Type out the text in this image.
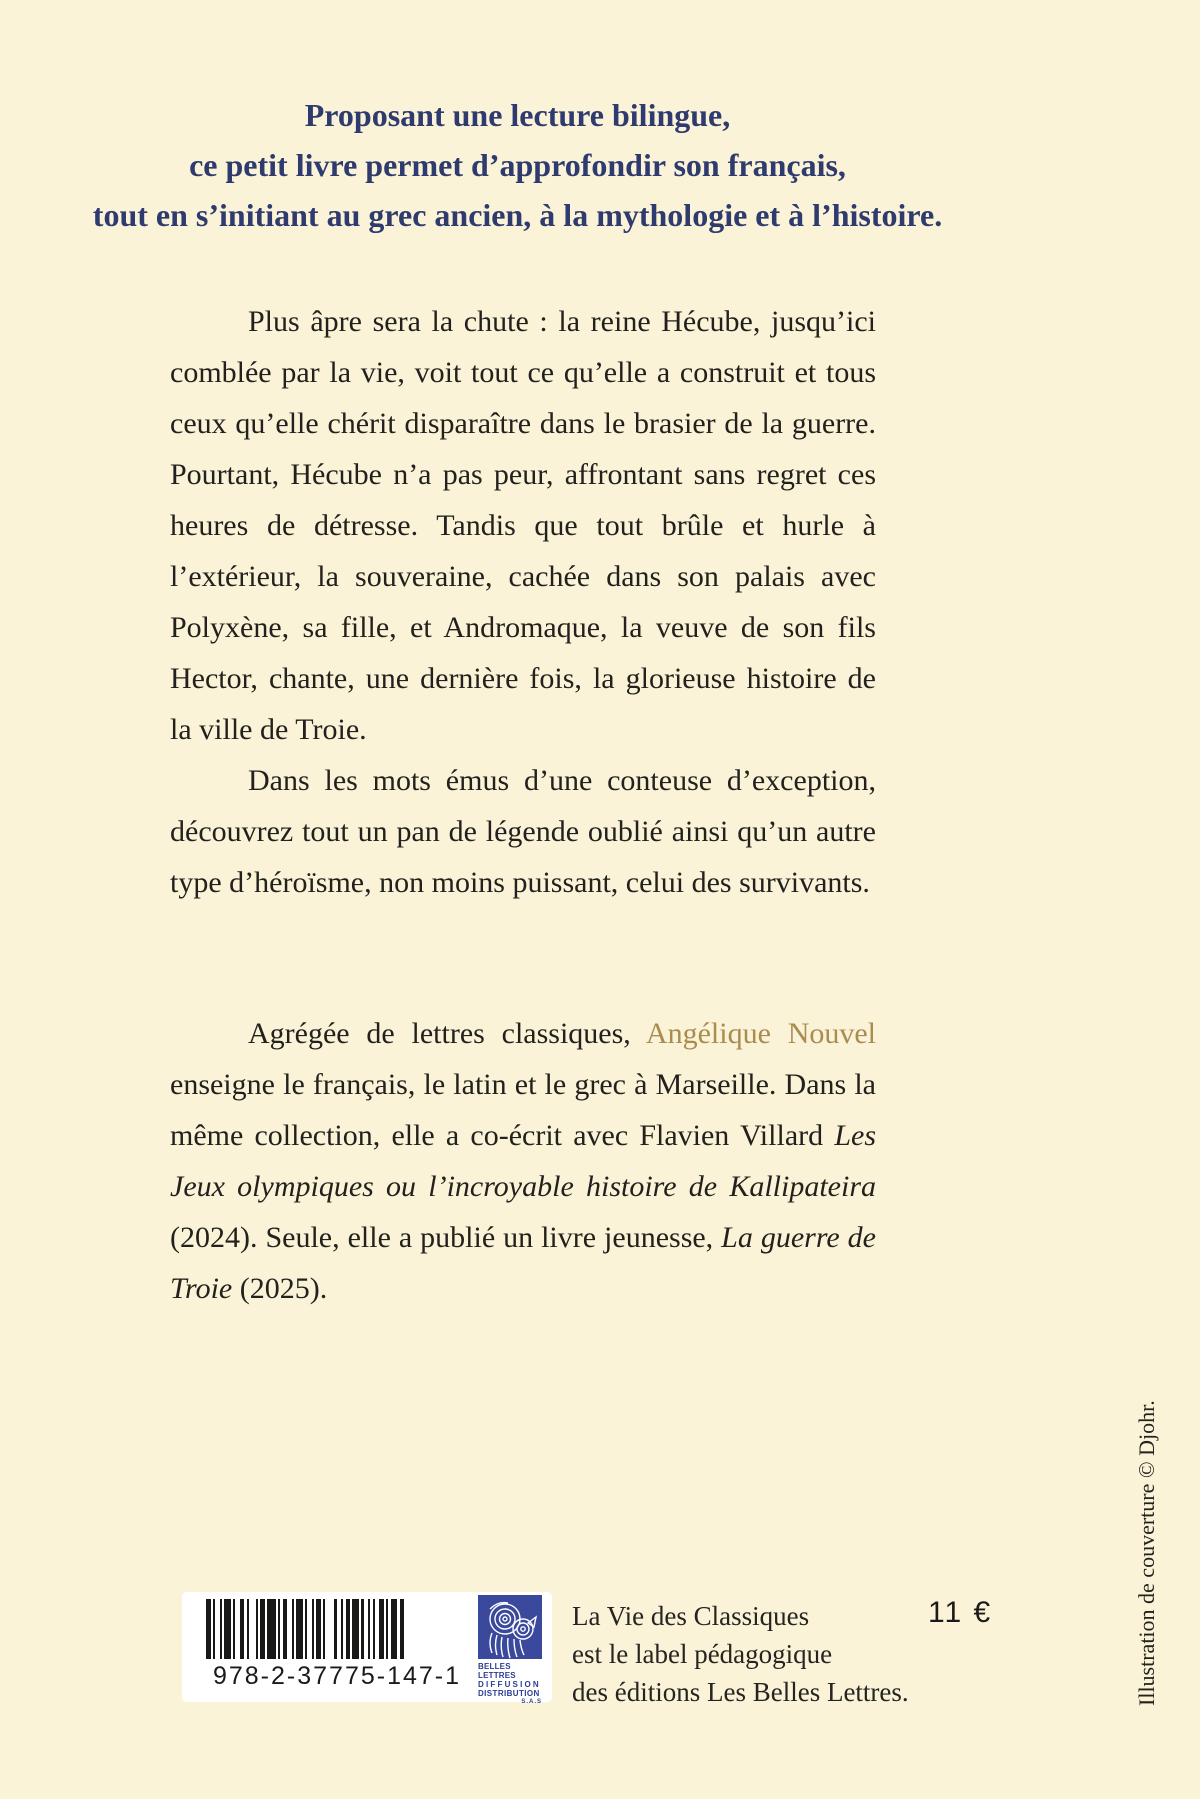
Proposant une lecture bilingue,
ce petit livre permet d’approfondir son français,
tout en s’initiant au grec ancien, à la mythologie et à l’histoire.

Plus âpre sera la chute : la reine Hécube, jusqu’ici comblée par la vie, voit tout ce qu’elle a construit et tous ceux qu’elle chérit disparaître dans le brasier de la guerre. Pourtant, Hécube n’a pas peur, affrontant sans regret ces heures de détresse. Tandis que tout brûle et hurle à l’extérieur, la souveraine, cachée dans son palais avec Polyxène, sa fille, et Andromaque, la veuve de son fils Hector, chante, une dernière fois, la glorieuse histoire de la ville de Troie.

Dans les mots émus d’une conteuse d’exception, découvrez tout un pan de légende oublié ainsi qu’un autre type d’héroïsme, non moins puissant, celui des survivants.

Agrégée de lettres classiques, Angélique Nouvel enseigne le français, le latin et le grec à Marseille. Dans la même collection, elle a co-écrit avec Flavien Villard Les Jeux olympiques ou l’incroyable histoire de Kallipateira (2024). Seule, elle a publié un livre jeunesse, La guerre de Troie (2025).

978-2-37775-147-1	BELLES LETTRES
DIFFUSION
DISTRIBUTION
S.A.S
La Vie des Classiques
est le label pédagogique
des éditions Les Belles Lettres.
11 €	Illustration de couverture © Djohr.
